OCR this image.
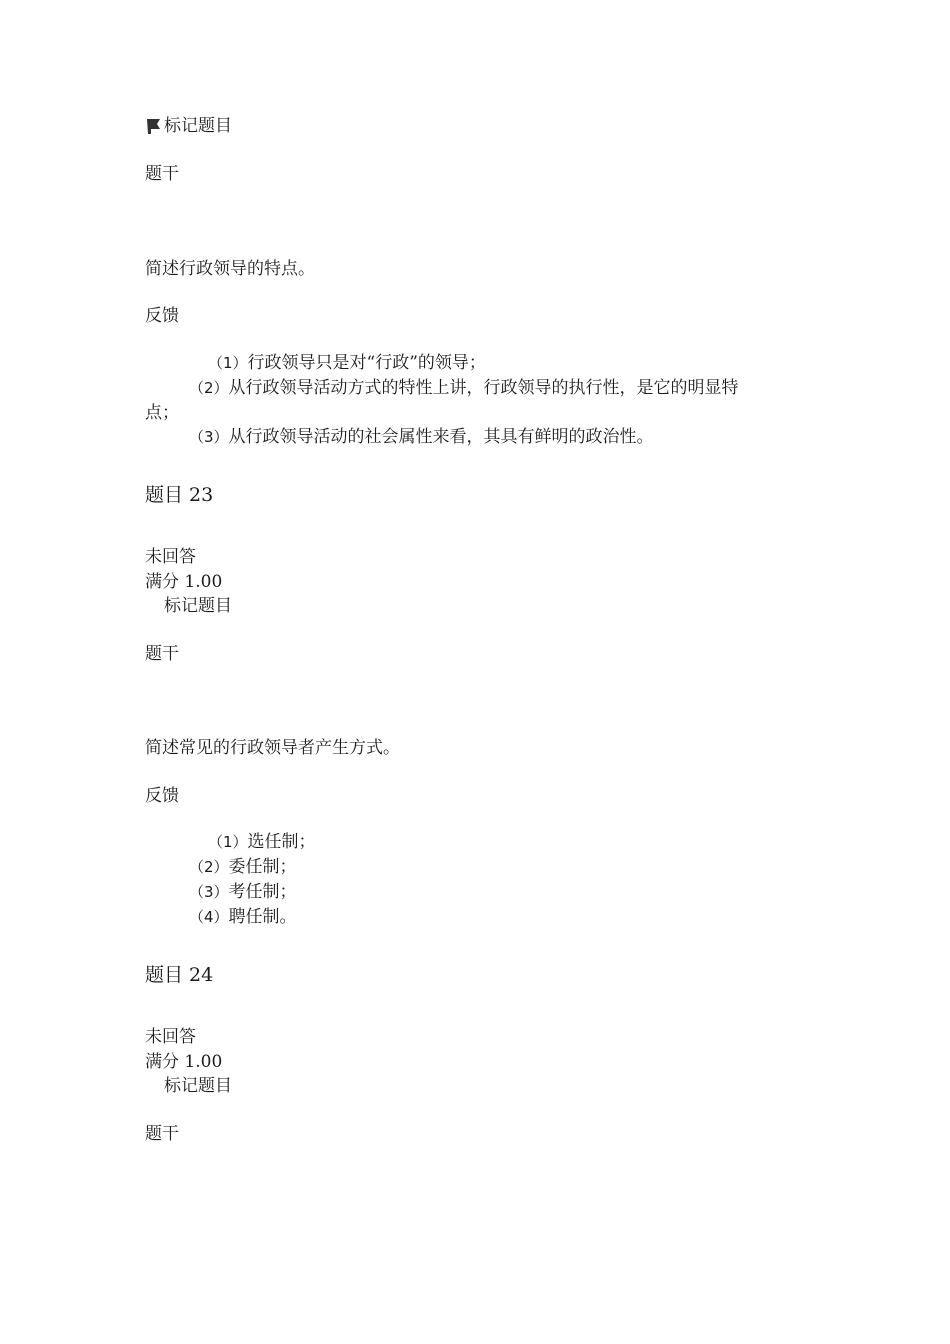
标记题目
题干
简述行政领导的特点。
反馈
（1）行政领导只是对“行政”的领导；
（2）从行政领导活动方式的特性上讲，行政领导的执行性，是它的明显特
点；
（3）从行政领导活动的社会属性来看，其具有鲜明的政治性。
题目 23
未回答
满分 1.00
标记题目
题干
简述常见的行政领导者产生方式。
反馈
（1）选任制；
（2）委任制；
（3）考任制；
（4）聘任制。
题目 24
未回答
满分 1.00
标记题目
题干
